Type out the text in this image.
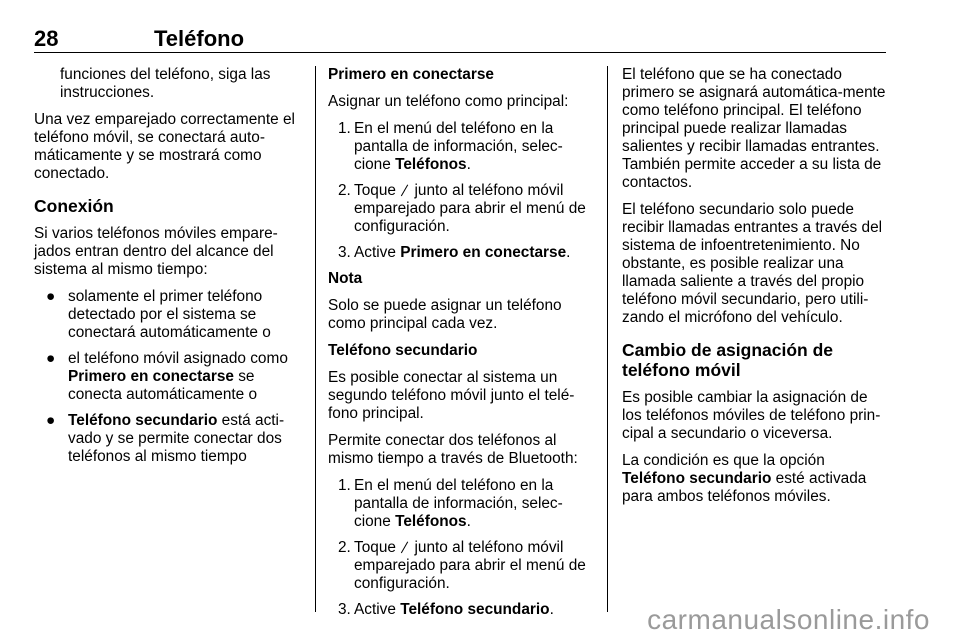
28	Teléfono

funciones del teléfono, siga las
instrucciones.

Una vez emparejado correctamente el teléfono móvil, se conectará auto‐máticamente y se mostrará como conectado.

Conexión

Si varios teléfonos móviles empare‐jados entran dentro del alcance del sistema al mismo tiempo:

● solamente el primer teléfono detectado por el sistema se conectará automáticamente o
● el teléfono móvil asignado como Primero en conectarse se conecta automáticamente o
● Teléfono secundario está acti‐vado y se permite conectar dos teléfonos al mismo tiempo

Primero en conectarse

Asignar un teléfono como principal:

1. En el menú del teléfono en la pantalla de información, selec‐cione Teléfonos.
2. Toque  junto al teléfono móvil emparejado para abrir el menú de configuración.
3. Active Primero en conectarse.

Nota

Solo se puede asignar un teléfono como principal cada vez.

Teléfono secundario

Es posible conectar al sistema un segundo teléfono móvil junto el telé‐fono principal.

Permite conectar dos teléfonos al mismo tiempo a través de Bluetooth:

1. En el menú del teléfono en la pantalla de información, selec‐cione Teléfonos.
2. Toque  junto al teléfono móvil emparejado para abrir el menú de configuración.
3. Active Teléfono secundario.

El teléfono que se ha conectado primero se asignará automática‐mente como teléfono principal. El teléfono principal puede realizar llamadas salientes y recibir llamadas entrantes. También permite acceder a su lista de contactos.

El teléfono secundario solo puede recibir llamadas entrantes a través del sistema de infoentretenimiento. No obstante, es posible realizar una llamada saliente a través del propio teléfono móvil secundario, pero utili‐zando el micrófono del vehículo.

Cambio de asignación de teléfono móvil

Es posible cambiar la asignación de los teléfonos móviles de teléfono prin‐cipal a secundario o viceversa.

La condición es que la opción Teléfono secundario esté activada para ambos teléfonos móviles.

carmanualsonline.info
